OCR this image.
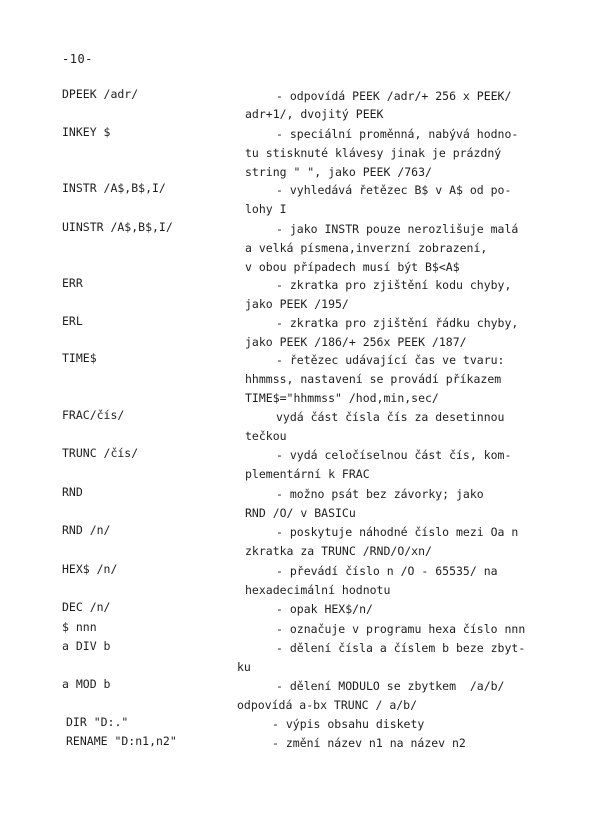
-10-
DPEEK /adr/	- odpovídá PEEK /adr/+ 256 x PEEK/
adr+1/, dvojitý PEEK
INKEY $	- speciální proměnná, nabývá hodno-
tu stisknuté klávesy jinak je prázdný
string " ", jako PEEK /763/
INSTR /A$,B$,I/	- vyhledává řetězec B$ v A$ od po-
lohy I
UINSTR /A$,B$,I/	- jako INSTR pouze nerozlišuje malá
a velká písmena,inverzní zobrazení,
v obou případech musí být B$<A$
ERR	- zkratka pro zjištění kodu chyby,
jako PEEK /195/
ERL	- zkratka pro zjištění řádku chyby,
jako PEEK /186/+ 256x PEEK /187/
TIME$	- řetězec udávající čas ve tvaru:
hhmmss, nastavení se provádí příkazem
TIME$="hhmmss" /hod,min,sec/
FRAC/čís/	vydá část čísla čís za desetinnou
tečkou
TRUNC /čís/	- vydá celočíselnou část čís, kom-
plementární k FRAC
RND	- možno psát bez závorky; jako
RND /O/ v BASICu
RND /n/	- poskytuje náhodné číslo mezi Oa n
zkratka za TRUNC /RND/O/xn/
HEX$ /n/	- převádí číslo n /O - 65535/ na
hexadecimální hodnotu
DEC /n/	- opak HEX$/n/
$ nnn	- označuje v programu hexa číslo nnn
a DIV b	- dělení čísla a číslem b beze zbyt-
ku
a MOD b	- dělení MODULO se zbytkem  /a/b/
odpovídá a-bx TRUNC / a/b/
DIR "D:."	- výpis obsahu diskety
RENAME "D:n1,n2"	- změní název n1 na název n2
